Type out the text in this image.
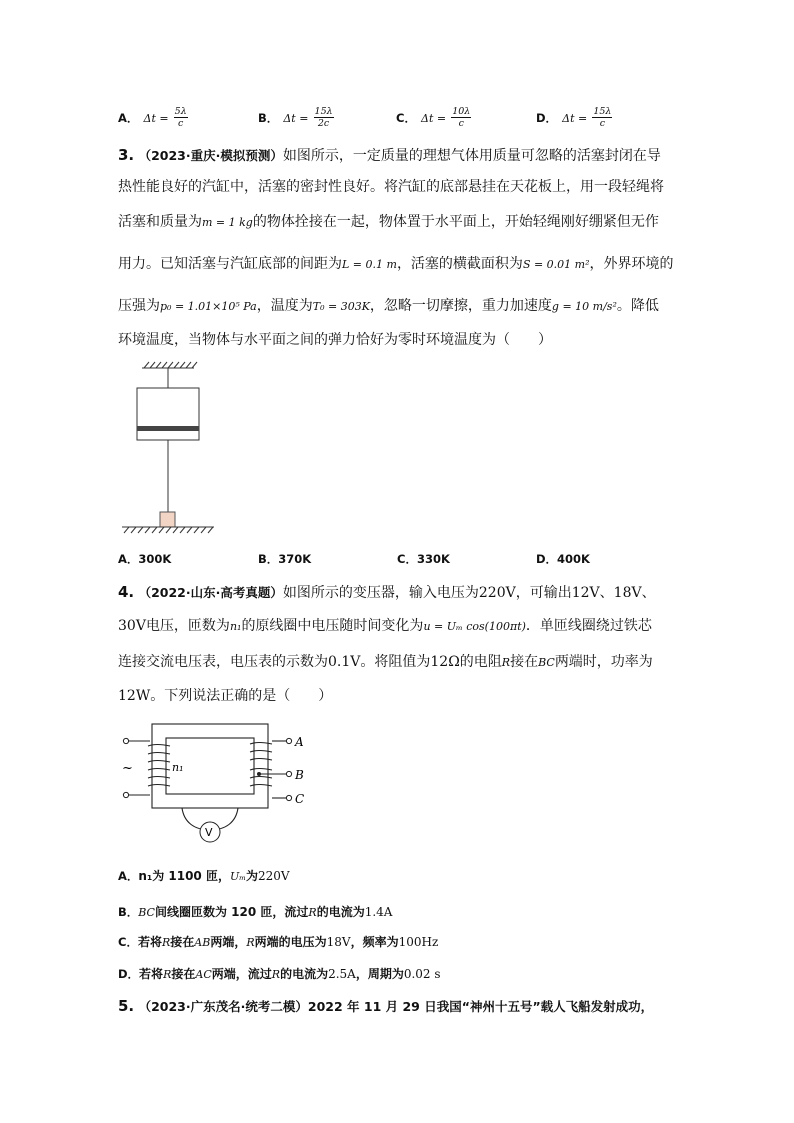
A． $\Delta t = \frac{5\lambda}{c}$	B． $\Delta t = \frac{15\lambda}{2c}$	C． $\Delta t = \frac{10\lambda}{c}$	D． $\Delta t = \frac{15\lambda}{c}$
3. （2023·重庆·模拟预测）如图所示，一定质量的理想气体用质量可忽略的活塞封闭在导
热性能良好的汽缸中，活塞的密封性良好。将汽缸的底部悬挂在天花板上，用一段轻绳将
活塞和质量为m = 1 kg的物体拴接在一起，物体置于水平面上，开始轻绳刚好绷紧但无作
用力。已知活塞与汽缸底部的间距为L = 0.1 m，活塞的横截面积为S = 0.01 m²，外界环境的
压强为p₀ = 1.01×10⁵ Pa，温度为T₀ = 303K，忽略一切摩擦，重力加速度g = 10 m/s²。降低
环境温度，当物体与水平面之间的弹力恰好为零时环境温度为（　　）
A．300K	B．370K	C．330K	D．400K
4. （2022·山东·高考真题）如图所示的变压器，输入电压为220V，可输出12V、18V、
30V电压，匝数为n₁的原线圈中电压随时间变化为u = Uₘ cos(100πt)．单匝线圈绕过铁芯
连接交流电压表，电压表的示数为0.1V。将阻值为12Ω的电阻R接在BC两端时，功率为
12W。下列说法正确的是（　　）
~	n₁
A
B
C
V
A．n₁为 1100 匝，Uₘ为220V
B．BC间线圈匝数为 120 匝，流过R的电流为1.4A
C．若将R接在AB两端，R两端的电压为18V，频率为100Hz
D．若将R接在AC两端，流过R的电流为2.5A，周期为0.02 s
5. （2023·广东茂名·统考二模）2022 年 11 月 29 日我国“神州十五号”载人飞船发射成功，
